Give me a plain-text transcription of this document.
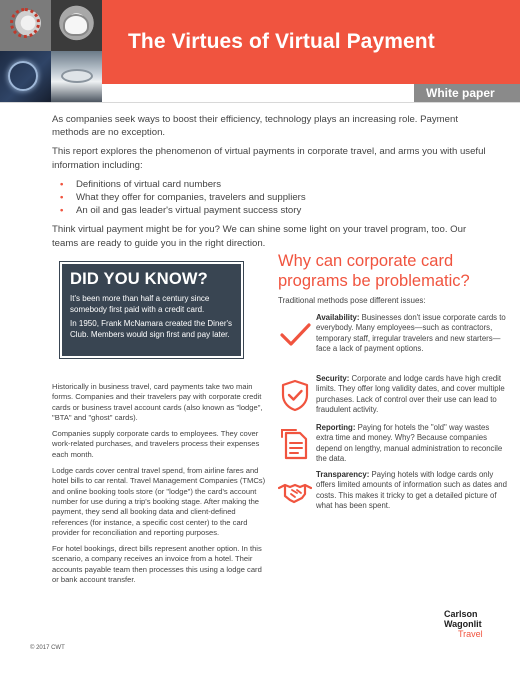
The Virtues of Virtual Payment
White paper

As companies seek ways to boost their efficiency, technology plays an increasing role. Payment methods are no exception.

This report explores the phenomenon of virtual payments in corporate travel, and arms you with useful information including:

• Definitions of virtual card numbers
• What they offer for companies, travelers and suppliers
• An oil and gas leader's virtual payment success story

Think virtual payment might be for you? We can shine some light on your travel program, too. Our teams are ready to guide you in the right direction.

DID YOU KNOW?
It's been more than half a century since somebody first paid with a credit card.
In 1950, Frank McNamara created the Diner's Club. Members would sign first and pay later.

Historically in business travel, card payments take two main forms. Companies and their travelers pay with corporate credit cards or business travel account cards (also known as "lodge", "BTA" and "ghost" cards).

Companies supply corporate cards to employees. They cover work-related purchases, and travelers process their expenses each month.

Lodge cards cover central travel spend, from airline fares and hotel bills to car rental. Travel Management Companies (TMCs) and online booking tools store (or "lodge") the card's account number for use during a trip's booking stage. After making the payment, they send all booking data and client-defined references (for instance, a specific cost center) to the card provider for reconciliation and reporting purposes.

For hotel bookings, direct bills represent another option. In this scenario, a company receives an invoice from a hotel. Their accounts payable team then processes this using a lodge card or bank account transfer.

Why can corporate card programs be problematic?
Traditional methods pose different issues:
Availability: Businesses don't issue corporate cards to everybody. Many employees—such as contractors, temporary staff, irregular travelers and new starters—face a lack of payment options.
Security: Corporate and lodge cards have high credit limits. They offer long validity dates, and cover multiple purchases. Lack of control over their use can lead to fraudulent activity.
Reporting: Paying for hotels the "old" way wastes extra time and money. Why? Because companies depend on lengthy, manual administration to reconcile the data.
Transparency: Paying hotels with lodge cards only offers limited amounts of information such as dates and costs. This makes it tricky to get a detailed picture of what has been spent.
© 2017 CWT
Carlson
Wagonlit
Travel
